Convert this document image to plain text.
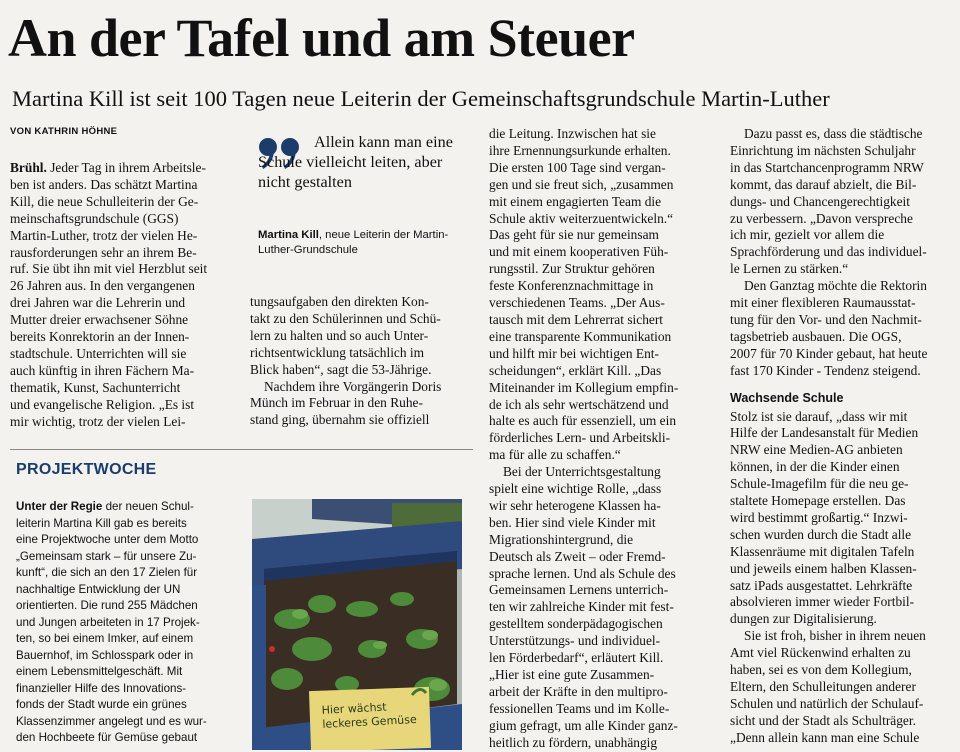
An der Tafel und am Steuer
Martina Kill ist seit 100 Tagen neue Leiterin der Gemeinschaftsgrundschule Martin-Luther
VON KATHRIN HÖHNE
Brühl. Jeder Tag in ihrem Arbeitsle-
ben ist anders. Das schätzt Martina
Kill, die neue Schulleiterin der Ge-
meinschaftsgrundschule (GGS)
Martin-Luther, trotz der vielen He-
rausforderungen sehr an ihrem Be-
ruf. Sie übt ihn mit viel Herzblut seit
26 Jahren aus. In den vergangenen
drei Jahren war die Lehrerin und
Mutter dreier erwachsener Söhne
bereits Konrektorin an der Innen-
stadtschule. Unterrichten will sie
auch künftig in ihren Fächern Ma-
thematik, Kunst, Sachunterricht
und evangelische Religion. „Es ist
mir wichtig, trotz der vielen Lei-
Allein kann man eine Schule vielleicht leiten, aber nicht gestalten
Martina Kill, neue Leiterin der Martin-Luther-Grundschule
tungsaufgaben den direkten Kon-
takt zu den Schülerinnen und Schü-
lern zu halten und so auch Unter-
richtsentwicklung tatsächlich im
Blick haben“, sagt die 53-Jährige.
Nachdem ihre Vorgängerin Doris
Münch im Februar in den Ruhe-
stand ging, übernahm sie offiziell
die Leitung. Inzwischen hat sie
ihre Ernennungsurkunde erhalten.
Die ersten 100 Tage sind vergan-
gen und sie freut sich, „zusammen
mit einem engagierten Team die
Schule aktiv weiterzuentwickeln.“
Das geht für sie nur gemeinsam
und mit einem kooperativen Füh-
rungsstil. Zur Struktur gehören
feste Konferenznachmittage in
verschiedenen Teams. „Der Aus-
tausch mit dem Lehrerrat sichert
eine transparente Kommunikation
und hilft mir bei wichtigen Ent-
scheidungen“, erklärt Kill. „Das
Miteinander im Kollegium empfin-
de ich als sehr wertschätzend und
halte es auch für essenziell, um ein
förderliches Lern- und Arbeitskli-
ma für alle zu schaffen.“
Bei der Unterrichtsgestaltung
spielt eine wichtige Rolle, „dass
wir sehr heterogene Klassen ha-
ben. Hier sind viele Kinder mit
Migrationshintergrund, die
Deutsch als Zweit – oder Fremd-
sprache lernen. Und als Schule des
Gemeinsamen Lernens unterrich-
ten wir zahlreiche Kinder mit fest-
gestelltem sonderpädagogischen
Unterstützungs- und individuel-
len Förderbedarf“, erläutert Kill.
„Hier ist eine gute Zusammen-
arbeit der Kräfte in den multipro-
fessionellen Teams und im Kolle-
gium gefragt, um alle Kinder ganz-
heitlich zu fördern, unabhängig
Dazu passt es, dass die städtische
Einrichtung im nächsten Schuljahr
in das Startchancenprogramm NRW
kommt, das darauf abzielt, die Bil-
dungs- und Chancengerechtigkeit
zu verbessern. „Davon verspreche
ich mir, gezielt vor allem die
Sprachförderung und das individuel-
le Lernen zu stärken.“
Den Ganztag möchte die Rektorin
mit einer flexibleren Raumausstat-
tung für den Vor- und den Nachmit-
tagsbetrieb ausbauen. Die OGS,
2007 für 70 Kinder gebaut, hat heute
fast 170 Kinder - Tendenz steigend.
Wachsende Schule
Stolz ist sie darauf, „dass wir mit
Hilfe der Landesanstalt für Medien
NRW eine Medien-AG anbieten
können, in der die Kinder einen
Schule-Imagefilm für die neu ge-
staltete Homepage erstellen. Das
wird bestimmt großartig.“ Inzwi-
schen wurden durch die Stadt alle
Klassenräume mit digitalen Tafeln
und jeweils einem halben Klassen-
satz iPads ausgestattet. Lehrkräfte
absolvieren immer wieder Fortbil-
dungen zur Digitalisierung.
Sie ist froh, bisher in ihrem neuen
Amt viel Rückenwind erhalten zu
haben, sei es von dem Kollegium,
Eltern, den Schulleitungen anderer
Schulen und natürlich der Schulauf-
sicht und der Stadt als Schulträger.
„Denn allein kann man eine Schule
PROJEKTWOCHE
Unter der Regie der neuen Schul-
leiterin Martina Kill gab es bereits
eine Projektwoche unter dem Motto
„Gemeinsam stark – für unsere Zu-
kunft“, die sich an den 17 Zielen für
nachhaltige Entwicklung der UN
orientierten. Die rund 255 Mädchen
und Jungen arbeiteten in 17 Projek-
ten, so bei einem Imker, auf einem
Bauernhof, im Schlosspark oder in
einem Lebensmittelgeschäft. Mit
finanzieller Hilfe des Innovations-
fonds der Stadt wurde ein grünes
Klassenzimmer angelegt und es wur-
den Hochbeete für Gemüse gebaut
Hier wächst
leckeres Gemüse
